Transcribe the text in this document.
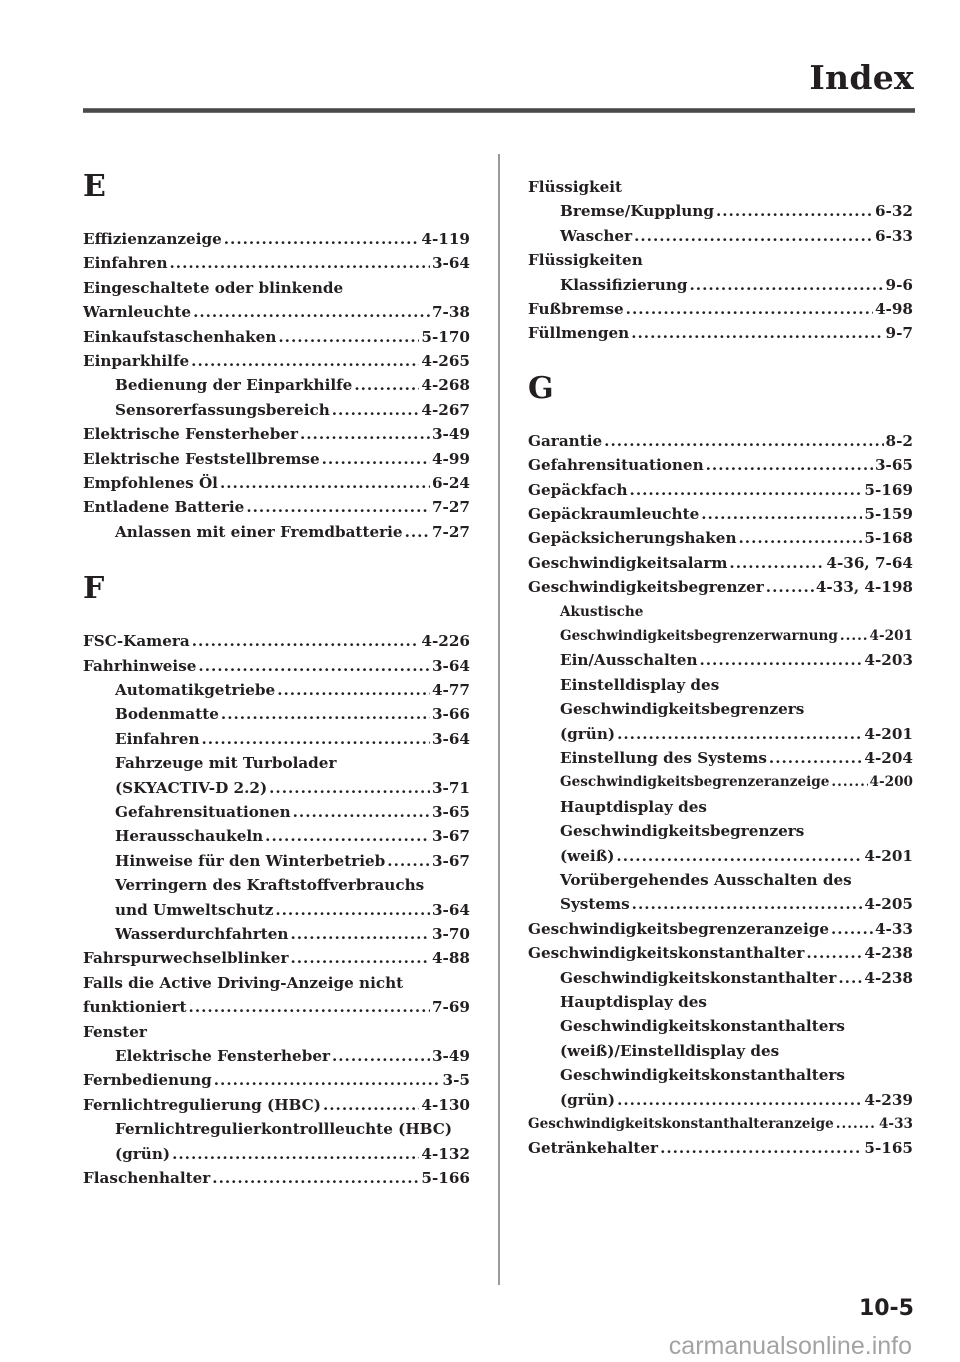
Index
E
Effizienzanzeige .....	4-119
Einfahren .....	3-64
Eingeschaltete oder blinkende
Warnleuchte .....	7-38
Einkaufstaschenhaken .....	5-170
Einparkhilfe .....	4-265
Bedienung der Einparkhilfe .....	4-268
Sensorerfassungsbereich .....	4-267
Elektrische Fensterheber .....	3-49
Elektrische Feststellbremse .....	4-99
Empfohlenes Öl .....	6-24
Entladene Batterie .....	7-27
Anlassen mit einer Fremdbatterie ..... 7-27
F
FSC-Kamera .....	4-226
Fahrhinweise .....	3-64
Automatikgetriebe .....	4-77
Bodenmatte .....	3-66
Einfahren .....	3-64
Fahrzeuge mit Turbolader
(SKYACTIV-D 2.2) .....	3-71
Gefahrensituationen .....	3-65
Herausschaukeln .....	3-67
Hinweise für den Winterbetrieb .....	3-67
Verringern des Kraftstoffverbrauchs
und Umweltschutz .....	3-64
Wasserdurchfahrten .....	3-70
Fahrspurwechselblinker .....	4-88
Falls die Active Driving-Anzeige nicht
funktioniert .....	7-69
Fenster
Elektrische Fensterheber .....	3-49
Fernbedienung .....	3-5
Fernlichtregulierung (HBC) .....	4-130
Fernlichtregulierkontrollleuchte (HBC)
(grün) .....	4-132
Flaschenhalter .....	5-166
Flüssigkeit
Bremse/Kupplung .....	6-32
Wascher .....	6-33
Flüssigkeiten
Klassifizierung .....	9-6
Fußbremse .....	4-98
Füllmengen .....	9-7
G
Garantie .....	8-2
Gefahrensituationen .....	3-65
Gepäckfach .....	5-169
Gepäckraumleuchte .....	5-159
Gepäcksicherungshaken .....	5-168
Geschwindigkeitsalarm .....	4-36, 7-64
Geschwindigkeitsbegrenzer .....	4-33, 4-198
Akustische
Geschwindigkeitsbegrenzerwarnung ..... 4-201
Ein/Ausschalten .....	4-203
Einstelldisplay des
Geschwindigkeitsbegrenzers
(grün) .....	4-201
Einstellung des Systems .....	4-204
Geschwindigkeitsbegrenzeranzeige .....	4-200
Hauptdisplay des
Geschwindigkeitsbegrenzers
(weiß) .....	4-201
Vorübergehendes Ausschalten des
Systems .....	4-205
Geschwindigkeitsbegrenzeranzeige .....	4-33
Geschwindigkeitskonstanthalter .....	4-238
Geschwindigkeitskonstanthalter ..... 4-238
Hauptdisplay des
Geschwindigkeitskonstanthalters
(weiß)/Einstelldisplay des
Geschwindigkeitskonstanthalters
(grün) .....	4-239
Geschwindigkeitskonstanthalteranzeige .....	4-33
Getränkehalter .....	5-165
10-5
carmanualsonline.info
